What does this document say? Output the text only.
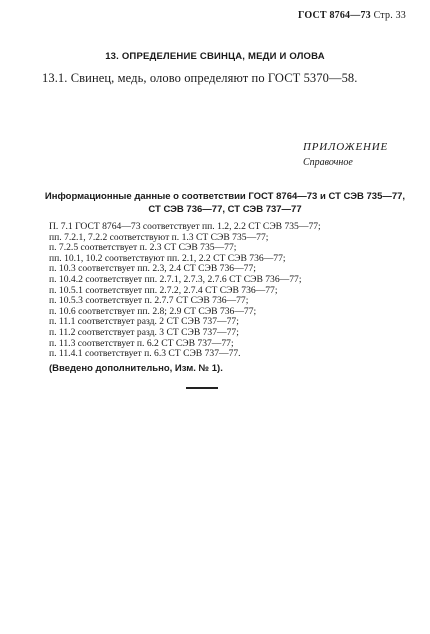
ГОСТ 8764—73 Стр. 33
13. ОПРЕДЕЛЕНИЕ СВИНЦА, МЕДИ И ОЛОВА
13.1. Свинец, медь, олово определяют по ГОСТ 5370—58.
ПРИЛОЖЕНИЕ
Справочное
Информационные данные о соответствии ГОСТ 8764—73 и СТ СЭВ 735—77,
СТ СЭВ 736—77, СТ СЭВ 737—77
П. 7.1 ГОСТ 8764—73 соответствует пп. 1.2, 2.2 СТ СЭВ 735—77;
пп. 7.2.1, 7.2.2 соответствуют п. 1.3 СТ СЭВ 735—77;
п. 7.2.5 соответствует п. 2.3 СТ СЭВ 735—77;
пп. 10.1, 10.2 соответствуют пп. 2.1, 2.2 СТ СЭВ 736—77;
п. 10.3 соответствует пп. 2.3, 2.4 СТ СЭВ 736—77;
п. 10.4.2 соответствует пп. 2.7.1, 2.7.3, 2.7.6 СТ СЭВ 736—77;
п. 10.5.1 соответствует пп. 2.7.2, 2.7.4 СТ СЭВ 736—77;
п. 10.5.3 соответствует п. 2.7.7 СТ СЭВ 736—77;
п. 10.6 соответствует пп. 2.8; 2.9 СТ СЭВ 736—77;
п. 11.1 соответствует разд. 2 СТ СЭВ 737—77;
п. 11.2 соответствует разд. 3 СТ СЭВ 737—77;
п. 11.3 соответствует п. 6.2 СТ СЭВ 737—77;
п. 11.4.1 соответствует п. 6.3 СТ СЭВ 737—77.
(Введено дополнительно, Изм. № 1).
